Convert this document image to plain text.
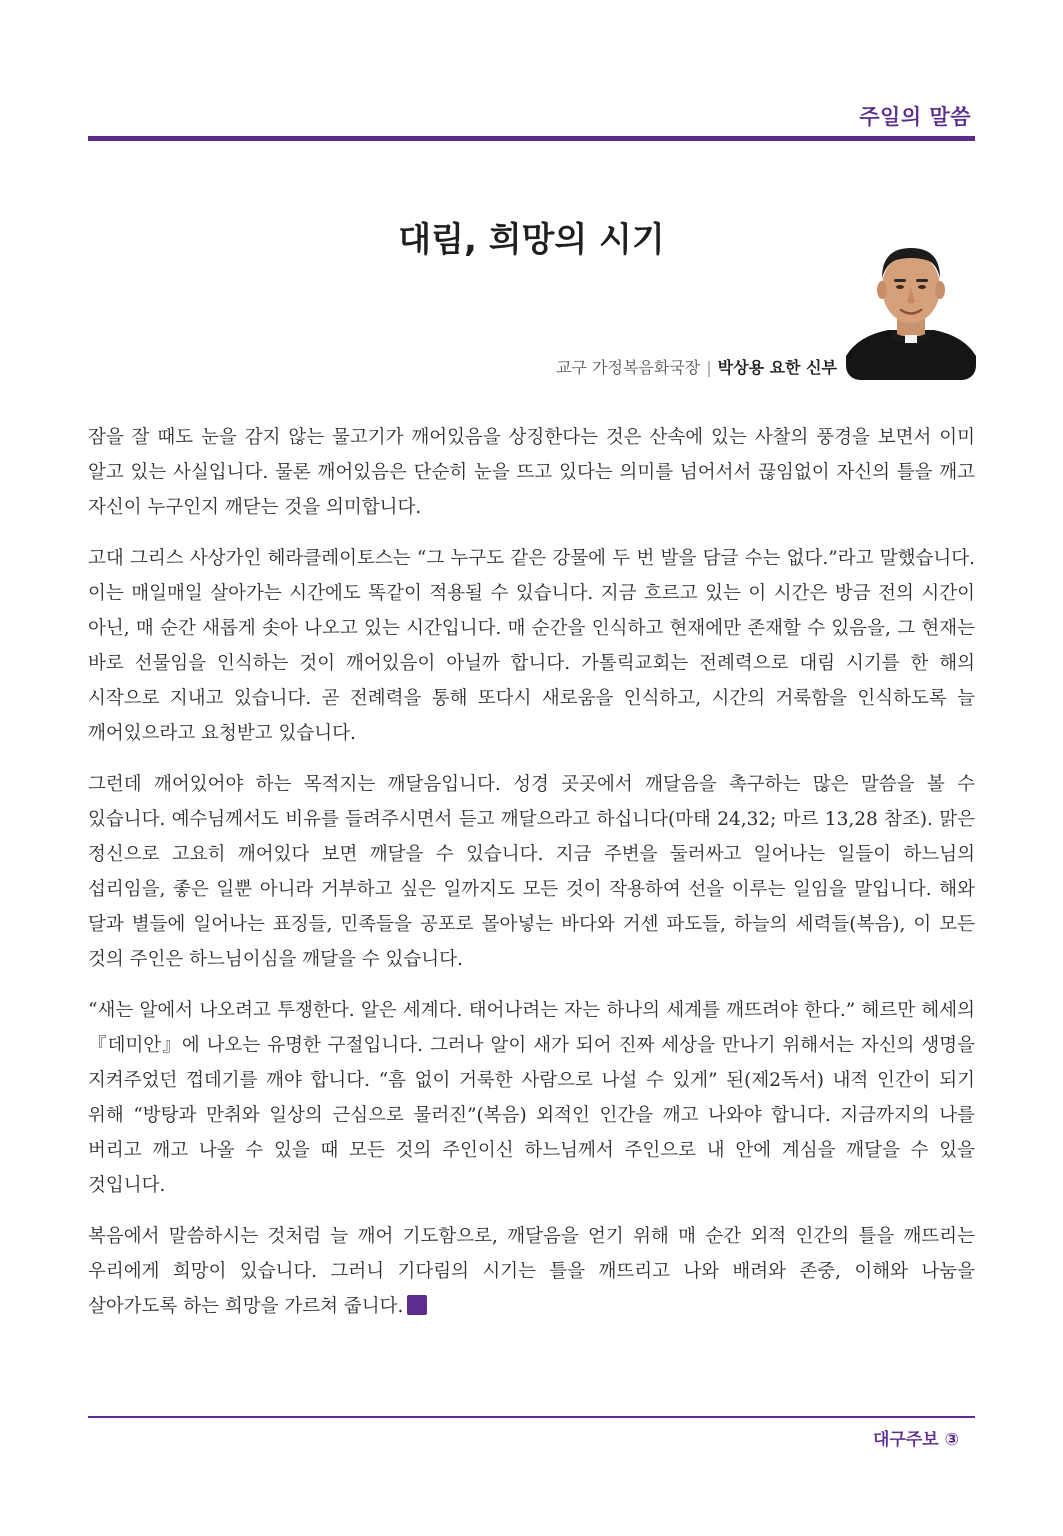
주일의 말씀
대림, 희망의 시기
교구 가정복음화국장 | 박상용 요한 신부

잠을 잘 때도 눈을 감지 않는 물고기가 깨어있음을 상징한다는 것은 산속에 있는 사찰의 풍경을 보면서 이미 알고 있는 사실입니다. 물론 깨어있음은 단순히 눈을 뜨고 있다는 의미를 넘어서서 끊임없이 자신의 틀을 깨고 자신이 누구인지 깨닫는 것을 의미합니다.

고대 그리스 사상가인 헤라클레이토스는 “그 누구도 같은 강물에 두 번 발을 담글 수는 없다.”라고 말했습니다. 이는 매일매일 살아가는 시간에도 똑같이 적용될 수 있습니다. 지금 흐르고 있는 이 시간은 방금 전의 시간이 아닌, 매 순간 새롭게 솟아 나오고 있는 시간입니다. 매 순간을 인식하고 현재에만 존재할 수 있음을, 그 현재는 바로 선물임을 인식하는 것이 깨어있음이 아닐까 합니다. 가톨릭교회는 전례력으로 대림 시기를 한 해의 시작으로 지내고 있습니다. 곧 전례력을 통해 또다시 새로움을 인식하고, 시간의 거룩함을 인식하도록 늘 깨어있으라고 요청받고 있습니다.

그런데 깨어있어야 하는 목적지는 깨달음입니다. 성경 곳곳에서 깨달음을 촉구하는 많은 말씀을 볼 수 있습니다. 예수님께서도 비유를 들려주시면서 듣고 깨달으라고 하십니다(마태 24,32; 마르 13,28 참조). 맑은 정신으로 고요히 깨어있다 보면 깨달을 수 있습니다. 지금 주변을 둘러싸고 일어나는 일들이 하느님의 섭리임을, 좋은 일뿐 아니라 거부하고 싶은 일까지도 모든 것이 작용하여 선을 이루는 일임을 말입니다. 해와 달과 별들에 일어나는 표징들, 민족들을 공포로 몰아넣는 바다와 거센 파도들, 하늘의 세력들(복음), 이 모든 것의 주인은 하느님이심을 깨달을 수 있습니다.

“새는 알에서 나오려고 투쟁한다. 알은 세계다. 태어나려는 자는 하나의 세계를 깨뜨려야 한다.” 헤르만 헤세의 『데미안』에 나오는 유명한 구절입니다. 그러나 알이 새가 되어 진짜 세상을 만나기 위해서는 자신의 생명을 지켜주었던 껍데기를 깨야 합니다. “흠 없이 거룩한 사람으로 나설 수 있게” 된(제2독서) 내적 인간이 되기 위해 “방탕과 만취와 일상의 근심으로 물러진”(복음) 외적인 인간을 깨고 나와야 합니다. 지금까지의 나를 버리고 깨고 나올 수 있을 때 모든 것의 주인이신 하느님께서 주인으로 내 안에 계심을 깨달을 수 있을 것입니다.

복음에서 말씀하시는 것처럼 늘 깨어 기도함으로, 깨달음을 얻기 위해 매 순간 외적 인간의 틀을 깨뜨리는 우리에게 희망이 있습니다. 그러니 기다림의 시기는 틀을 깨뜨리고 나와 배려와 존중, 이해와 나눔을 살아가도록 하는 희망을 가르쳐 줍니다.

대구주보 ③
